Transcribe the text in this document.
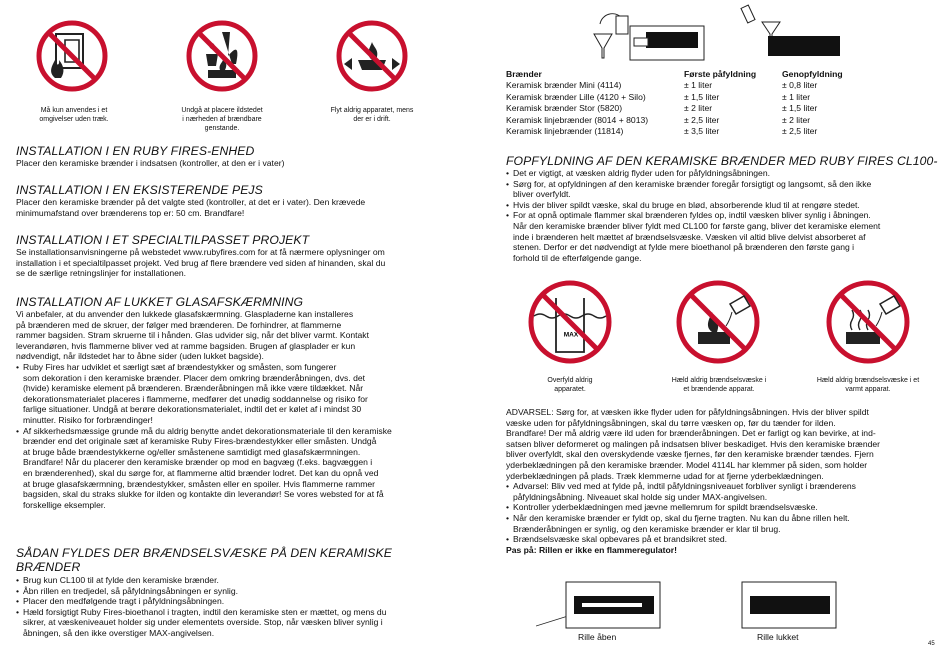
Må kun anvendes i et
omgivelser uden træk.
Undgå at placere ildstedet
i nærheden af brændbare
genstande.
Flyt aldrig apparatet, mens
der er i drift.
INSTALLATION I EN RUBY FIRES-ENHED
Placer den keramiske brænder i indsatsen (kontroller, at den er i vater)
INSTALLATION I EN EKSISTERENDE PEJS
Placer den keramiske brænder på det valgte sted (kontroller, at det er i vater). Den krævede
minimumafstand over brænderens top er: 50 cm. Brandfare!
INSTALLATION I ET SPECIALTILPASSET PROJEKT
Se installationsanvisningerne på webstedet www.rubyfires.com for at få nærmere oplysninger om
installation i et specialtilpasset projekt. Ved brug af flere brændere ved siden af hinanden, skal du
se de særlige retningslinjer for installationen.
INSTALLATION AF LUKKET GLASAFSKÆRMNING
Vi anbefaler, at du anvender den lukkede glasafskærmning. Glaspladerne kan installeres
på brænderen med de skruer, der følger med brænderen. De forhindrer, at flammerne
rammer bagsiden. Stram skruerne til i hånden. Glas udvider sig, når det bliver varmt. Kontakt
leverandøren, hvis flammerne bliver ved at ramme bagsiden. Brugen af glasplader er kun
nødvendigt, når ildstedet har to åbne sider (uden lukket bagside).
• Ruby Fires har udviklet et særligt sæt af brændestykker og småsten, som fungerer
som dekoration i den keramiske brænder. Placer dem omkring brænderåbningen, dvs. det
(hvide) keramiske element på brænderen. Brænderåbningen må ikke være tildækket. Når
dekorationsmaterialet placeres i flammerne, medfører det unødig soddannelse og risiko for
farlige situationer. Undgå at berøre dekorationsmaterialet, indtil det er kølet af i mindst 30
minutter. Risiko for forbrændinger!
• Af sikkerhedsmæssige grunde må du aldrig benytte andet dekorationsmateriale til den keramiske
brænder end det originale sæt af keramiske Ruby Fires-brændestykker eller småsten. Undgå
at bruge både brændestykkerne og/eller småstenene samtidigt med glasafskærmningen.
Brandfare! Når du placerer den keramiske brænder op mod en bagvæg (f.eks. bagvæggen i
en brænderenhed), skal du sørge for, at flammerne altid brænder lodret. Det kan du opnå ved
at bruge glasafskærmning, brændestykker, småsten eller en spoiler. Hvis flammerne rammer
bagsiden, skal du straks slukke for ilden og kontakte din leverandør! Se vores websted for at få
forskellige eksempler.
SÅDAN FYLDES DER BRÆNDSELSVÆSKE PÅ DEN KERAMISKE
BRÆNDER
• Brug kun CL100 til at fylde den keramiske brænder.
• Åbn rillen en tredjedel, så påfyldningsåbningen er synlig.
• Placer den medfølgende tragt i påfyldningsåbningen.
• Hæld forsigtigt Ruby Fires-bioethanol i tragten, indtil den keramiske sten er mættet, og mens du
sikrer, at væskeniveauet holder sig under elementets overside. Stop, når væsken bliver synlig i
åbningen, så den ikke overstiger MAX-angivelsen.
Brænder
Keramisk brænder Mini (4114)
Keramisk brænder Lille (4120 + Silo)
Keramisk brænder Stor (5820)
Keramisk linjebrænder (8014 + 8013)
Keramisk linjebrænder (11814)
Første påfyldning
± 1 liter
± 1,5 liter
± 2 liter
± 2,5 liter
± 3,5 liter
Genopfyldning
± 0,8 liter
± 1 liter
± 1,5 liter
± 2 liter
± 2,5 liter
FOPFYLDNING AF DEN KERAMISKE BRÆNDER MED RUBY FIRES CL100-
• Det er vigtigt, at væsken aldrig flyder uden for påfyldningsåbningen.
• Sørg for, at opfyldningen af den keramiske brænder foregår forsigtigt og langsomt, så den ikke
bliver overfyldt.
• Hvis der bliver spildt væske, skal du bruge en blød, absorberende klud til at rengøre stedet.
• For at opnå optimale flammer skal brænderen fyldes op, indtil væsken bliver synlig i åbningen.
Når den keramiske brænder bliver fyldt med CL100 for første gang, bliver det keramiske element
inde i brænderen helt mættet af brændselsvæske. Væsken vil altid blive delvist absorberet af
stenen. Derfor er det nødvendigt at fylde mere bioethanol på brænderen den første gang i
forhold til de efterfølgende gange.
MAX
Overfyld aldrig
apparatet.
Hæld aldrig brændselsvæske i
et brændende apparat.
Hæld aldrig brændselsvæske i et
varmt apparat.
ADVARSEL: Sørg for, at væsken ikke flyder uden for påfyldningsåbningen. Hvis der bliver spildt
væske uden for påfyldningsåbningen, skal du tørre væsken op, før du tænder for ilden.
Brandfare! Der må aldrig være ild uden for brænderåbningen. Det er farligt og kan bevirke, at ind-
satsen bliver deformeret og malingen på indsatsen bliver beskadiget. Hvis den keramiske brænder
bliver overfyldt, skal den overskydende væske fjernes, før den keramiske brænder tændes. Fjern
yderbeklædningen på den keramiske brænder. Model 4114L har klemmer på siden, som holder
yderbeklædningen på plads. Træk klemmerne udad for at fjerne yderbeklædningen.
• Advarsel: Bliv ved med at fylde på, indtil påfyldningsniveauet forbliver synligt i brænderens
påfyldningsåbning. Niveauet skal holde sig under MAX-angivelsen.
• Kontroller yderbeklædningen med jævne mellemrum for spildt brændselsvæske.
• Når den keramiske brænder er fyldt op, skal du fjerne tragten. Nu kan du åbne rillen helt.
Brænderåbningen er synlig, og den keramiske brænder er klar til brug.
• Brændselsvæske skal opbevares på et brandsikret sted.
Pas på: Rillen er ikke en flammeregulator!
Rille åben	Rille lukket
45
